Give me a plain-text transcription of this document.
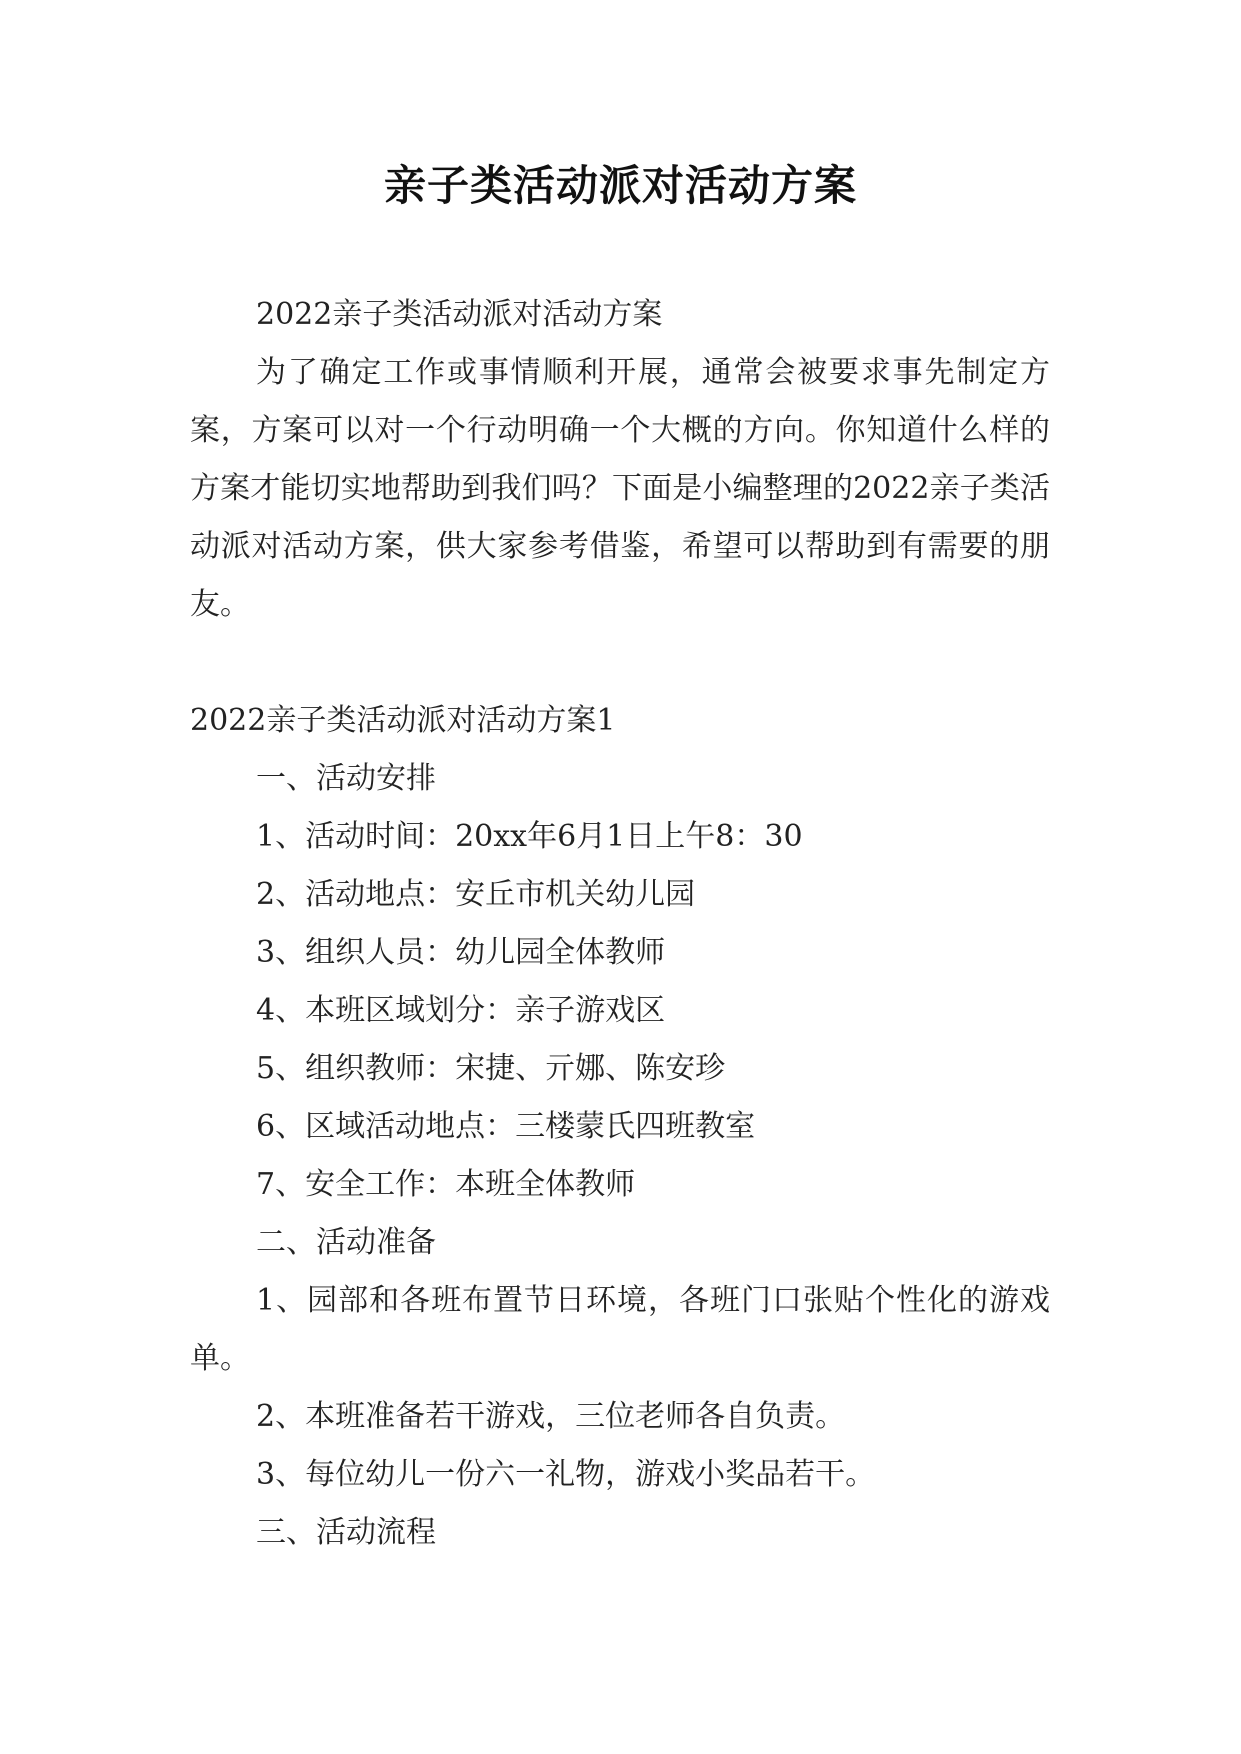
亲子类活动派对活动方案

2022亲子类活动派对活动方案

为了确定工作或事情顺利开展，通常会被要求事先制定方案，方案可以对一个行动明确一个大概的方向。你知道什么样的方案才能切实地帮助到我们吗？下面是小编整理的2022亲子类活动派对活动方案，供大家参考借鉴，希望可以帮助到有需要的朋友。

2022亲子类活动派对活动方案1

一、活动安排

1、活动时间：20xx年6月1日上午8：30

2、活动地点：安丘市机关幼儿园

3、组织人员：幼儿园全体教师

4、本班区域划分：亲子游戏区

5、组织教师：宋捷、亓娜、陈安珍

6、区域活动地点：三楼蒙氏四班教室

7、安全工作：本班全体教师

二、活动准备

1、园部和各班布置节日环境，各班门口张贴个性化的游戏单。

2、本班准备若干游戏，三位老师各自负责。

3、每位幼儿一份六一礼物，游戏小奖品若干。

三、活动流程
